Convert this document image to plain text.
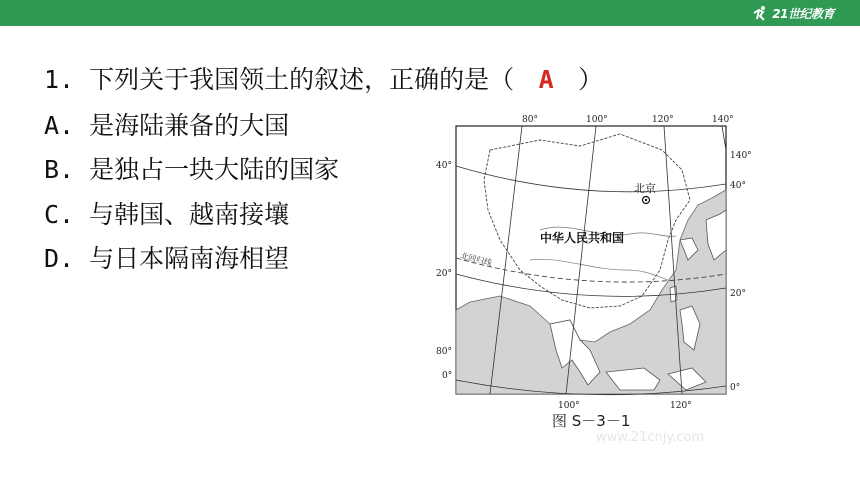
21世纪教育
1. 下列关于我国领土的叙述，正确的是（ A ）
A. 是海陆兼备的大国
B. 是独占一块大陆的国家
C. 与韩国、越南接壤
D. 与日本隔南海相望
北京
中华人民共和国
北回归线
80°	100°	120°	140°
100°	120°
40°
20°
80°
0°
140°
40°
20°
0°
图 S－3－1
www.21cnjy.com
